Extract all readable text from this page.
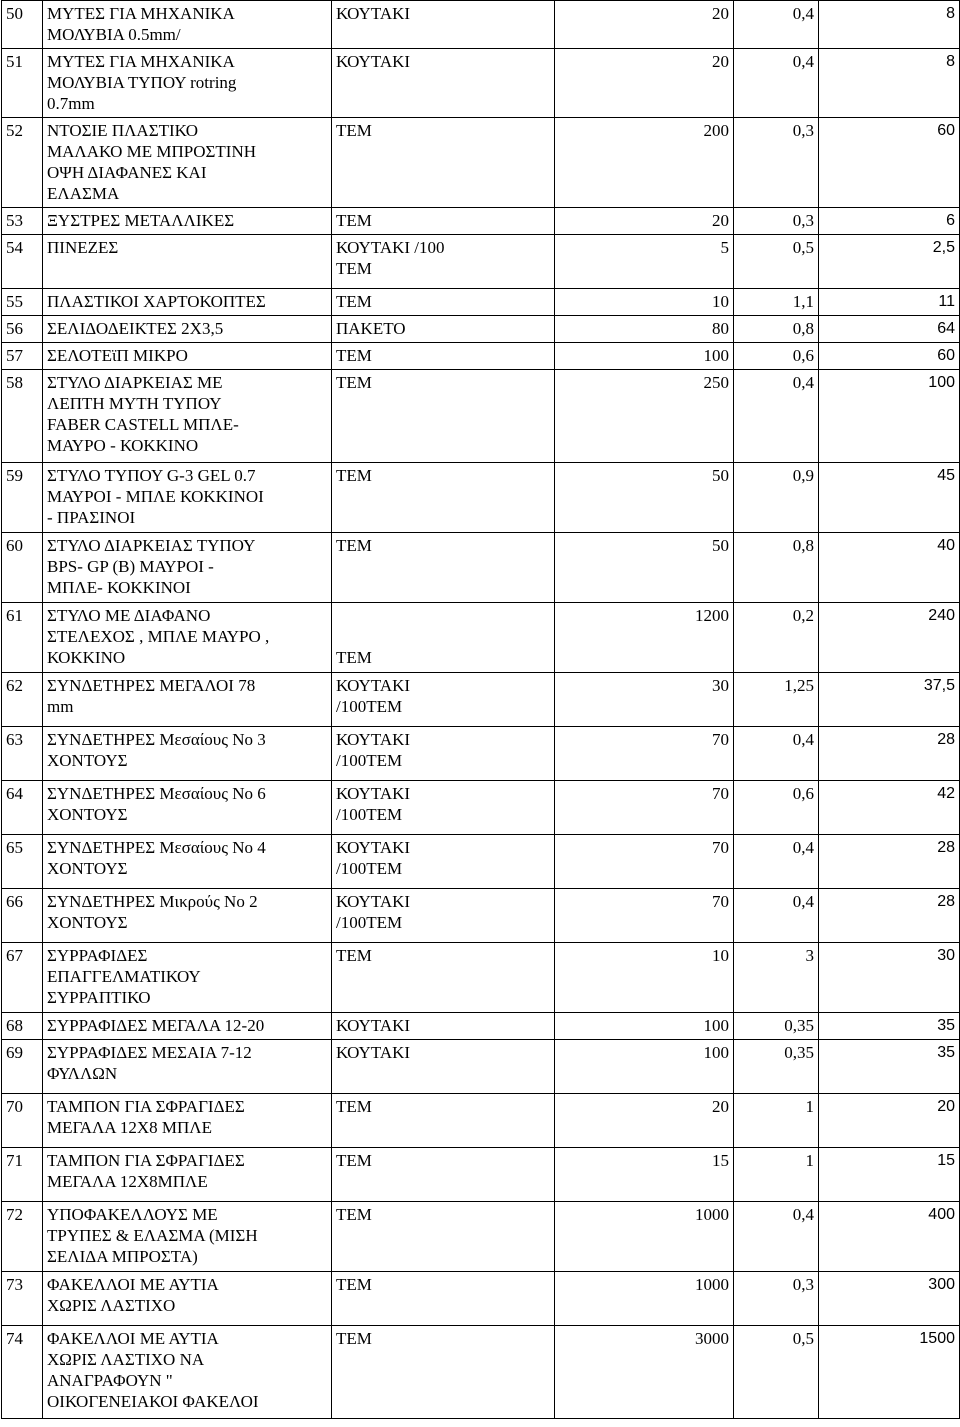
50	ΜΥΤΕΣ ΓΙΑ ΜΗΧΑΝΙΚΑ
ΜΟΛΥΒΙΑ 0.5mm/	ΚΟΥΤΑΚΙ	20	0,4	8
51	ΜΥΤΕΣ ΓΙΑ ΜΗΧΑΝΙΚΑ
ΜΟΛΥΒΙΑ ΤΥΠΟΥ rotring
0.7mm	ΚΟΥΤΑΚΙ	20	0,4	8
52	ΝΤΟΣΙΕ ΠΛΑΣΤΙΚΟ
ΜΑΛΑΚΟ ΜΕ ΜΠΡΟΣΤΙΝΗ
ΟΨΗ ΔΙΑΦΑΝΕΣ ΚΑΙ
ΕΛΑΣΜΑ	ΤΕΜ	200	0,3	60
53	ΞΥΣΤΡΕΣ ΜΕΤΑΛΛΙΚΕΣ	ΤΕΜ	20	0,3	6
54	ΠΙΝΕΖΕΣ	ΚΟΥΤΑΚΙ /100
ΤΕΜ	5	0,5	2,5
55	ΠΛΑΣΤΙΚΟΙ ΧΑΡΤΟΚΟΠΤΕΣ	ΤΕΜ	10	1,1	11
56	ΣΕΛΙΔΟΔΕΙΚΤΕΣ 2Χ3,5	ΠΑΚΕΤΟ	80	0,8	64
57	ΣΕΛΟΤΕϊΠ ΜΙΚΡΟ	ΤΕΜ	100	0,6	60
58	ΣΤΥΛΟ ΔΙΑΡΚΕΙΑΣ ΜΕ
ΛΕΠΤΗ ΜΥΤΗ ΤΥΠΟΥ
FABER CASTELL ΜΠΛΕ-
ΜΑΥΡΟ - ΚΟΚΚΙΝΟ	ΤΕΜ	250	0,4	100
59	ΣΤΥΛΟ ΤΥΠΟΥ G-3 GEL 0.7
ΜΑΥΡΟΙ - ΜΠΛΕ ΚΟΚΚΙΝΟΙ
- ΠΡΑΣΙΝΟΙ	ΤΕΜ	50	0,9	45
60	ΣΤΥΛΟ ΔΙΑΡΚΕΙΑΣ ΤΥΠΟΥ
BPS- GP (B) ΜΑΥΡΟΙ -
ΜΠΛΕ- ΚΟΚΚΙΝΟΙ	ΤΕΜ	50	0,8	40
61	ΣΤΥΛΟ ΜΕ ΔΙΑΦΑΝΟ
ΣΤΕΛΕΧΟΣ , ΜΠΛΕ ΜΑΥΡΟ ,
ΚΟΚΚΙΝΟ	

ΤΕΜ	1200	0,2	240
62	ΣΥΝΔΕΤΗΡΕΣ ΜΕΓΑΛΟΙ 78
mm	ΚΟΥΤΑΚΙ
/100ΤΕΜ	30	1,25	37,5
63	ΣΥΝΔΕΤΗΡΕΣ Μεσαίους Νο 3
ΧΟΝΤΟΥΣ	ΚΟΥΤΑΚΙ
/100ΤΕΜ	70	0,4	28
64	ΣΥΝΔΕΤΗΡΕΣ Μεσαίους Νο 6
ΧΟΝΤΟΥΣ	ΚΟΥΤΑΚΙ
/100ΤΕΜ	70	0,6	42
65	ΣΥΝΔΕΤΗΡΕΣ Μεσαίους Νο 4
ΧΟΝΤΟΥΣ	ΚΟΥΤΑΚΙ
/100ΤΕΜ	70	0,4	28
66	ΣΥΝΔΕΤΗΡΕΣ Μικρούς Νο 2
ΧΟΝΤΟΥΣ	ΚΟΥΤΑΚΙ
/100ΤΕΜ	70	0,4	28
67	ΣΥΡΡΑΦΙΔΕΣ
ΕΠΑΓΓΕΛΜΑΤΙΚΟΥ
ΣΥΡΡΑΠΤΙΚΟ	ΤΕΜ	10	3	30
68	ΣΥΡΡΑΦΙΔΕΣ ΜΕΓΑΛΑ 12-20	ΚΟΥΤΑΚΙ	100	0,35	35
69	ΣΥΡΡΑΦΙΔΕΣ ΜΕΣΑΙΑ 7-12
ΦΥΛΛΩΝ	ΚΟΥΤΑΚΙ	100	0,35	35
70	ΤΑΜΠΟΝ ΓΙΑ ΣΦΡΑΓΙΔΕΣ
ΜΕΓΑΛΑ 12Χ8 ΜΠΛΕ	ΤΕΜ	20	1	20
71	ΤΑΜΠΟΝ ΓΙΑ ΣΦΡΑΓΙΔΕΣ
ΜΕΓΑΛΑ 12Χ8ΜΠΛΕ	ΤΕΜ	15	1	15
72	ΥΠΟΦΑΚΕΛΛΟΥΣ ΜΕ
ΤΡΥΠΕΣ & ΕΛΑΣΜΑ (ΜΙΣΗ
ΣΕΛΙΔΑ ΜΠΡΟΣΤΑ)	ΤΕΜ	1000	0,4	400
73	ΦΑΚΕΛΛΟΙ ΜΕ ΑΥΤΙΑ
ΧΩΡΙΣ ΛΑΣΤΙΧΟ	ΤΕΜ	1000	0,3	300
74	ΦΑΚΕΛΛΟΙ ΜΕ ΑΥΤΙΑ
ΧΩΡΙΣ ΛΑΣΤΙΧΟ ΝΑ
ΑΝΑΓΡΑΦΟΥΝ "
ΟΙΚΟΓΕΝΕΙΑΚΟΙ ΦΑΚΕΛΟΙ	ΤΕΜ	3000	0,5	1500
